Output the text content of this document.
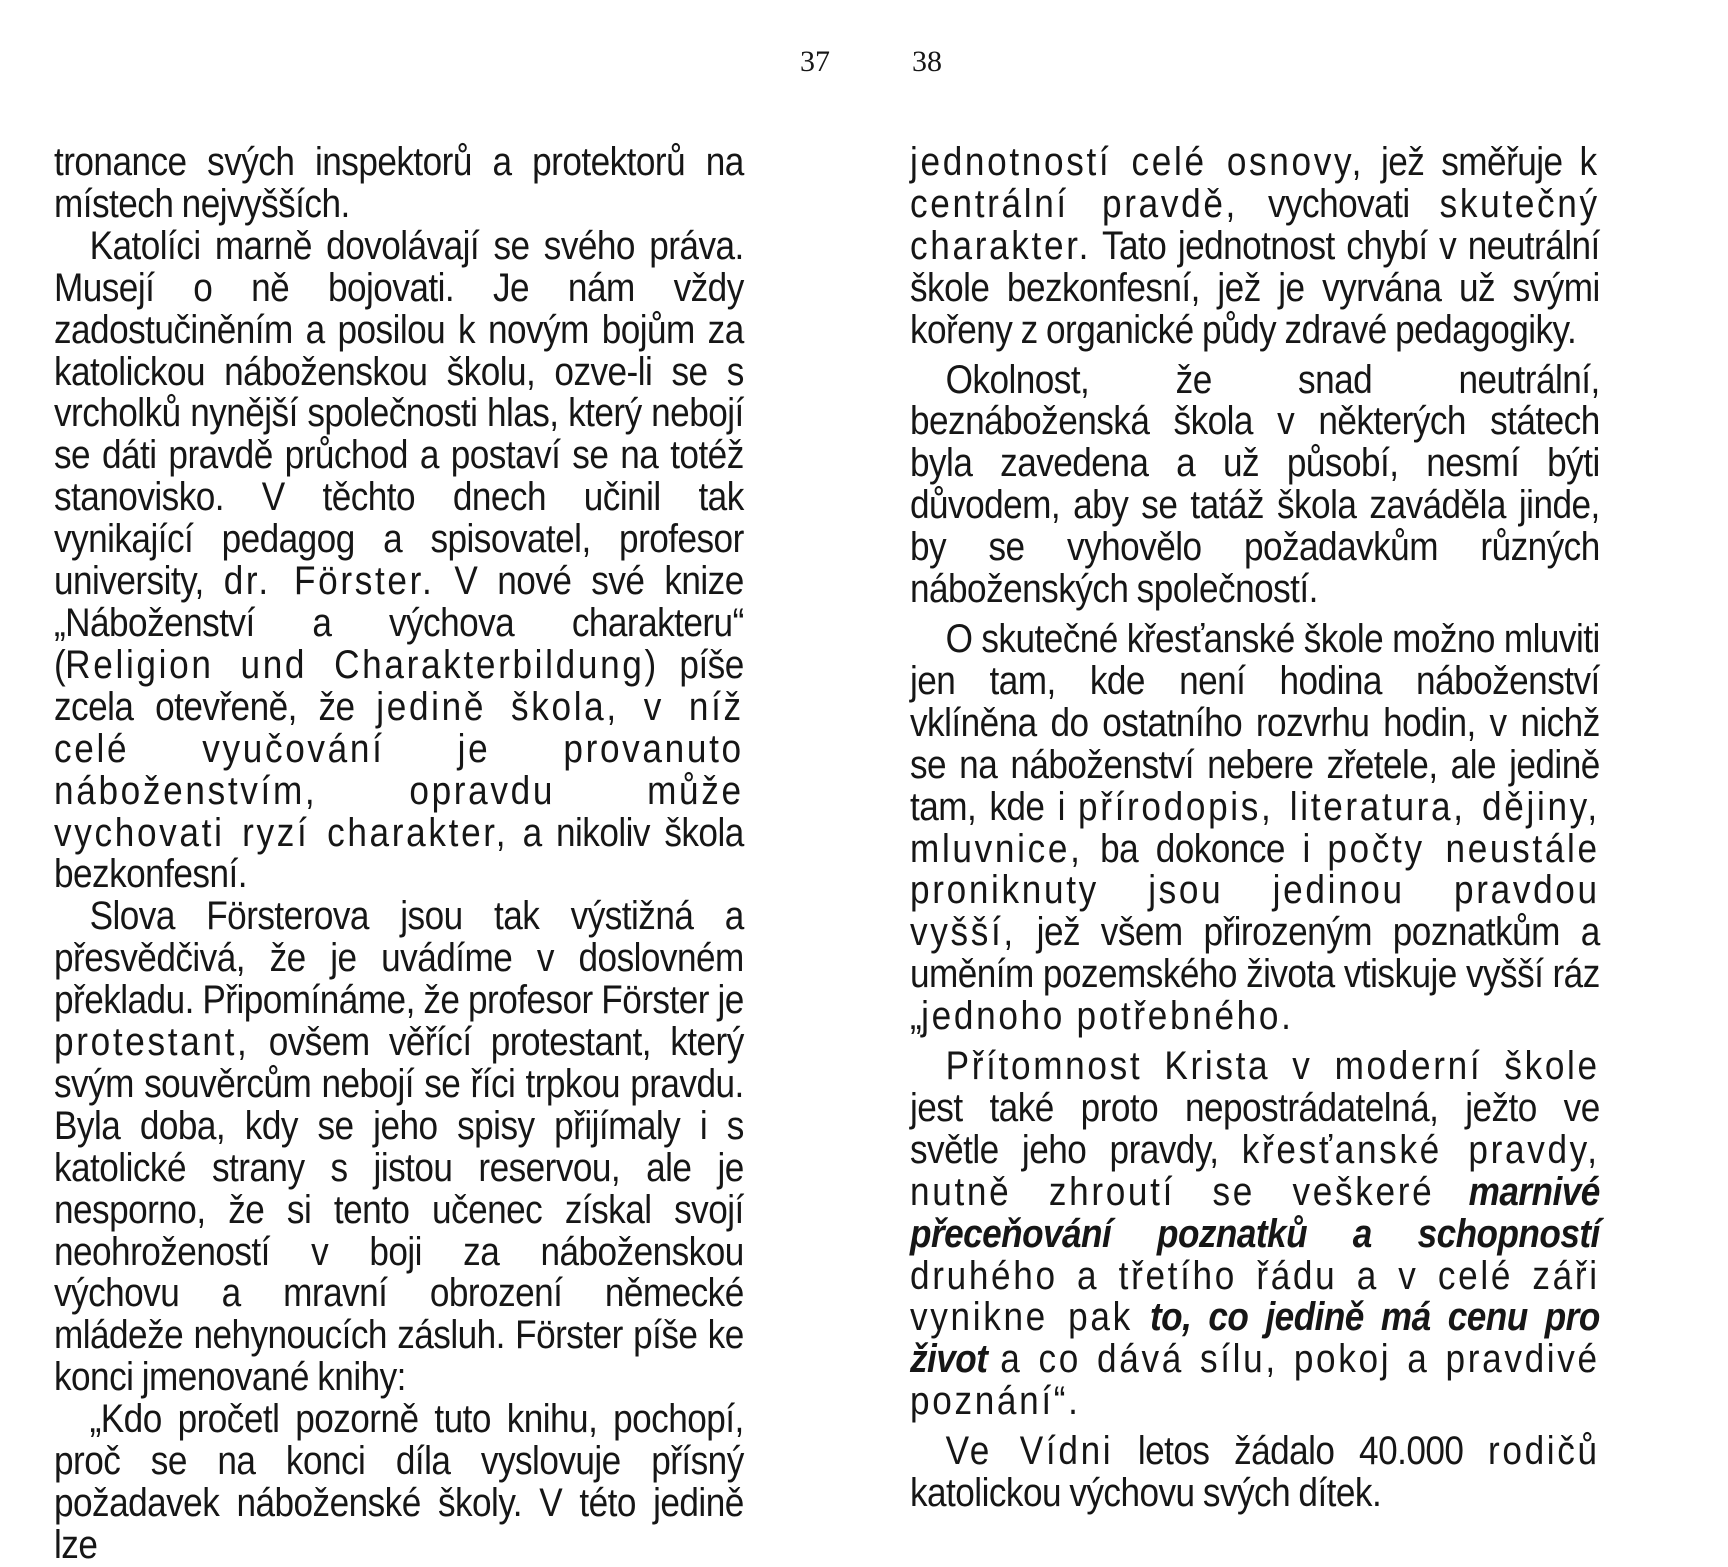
37	38

tronance svých inspektorů a protektorů na místech nejvyšších.

Katolíci marně dovolávají se svého práva. Musejí o ně bojovati. Je nám vždy zadostučiněním a posilou k novým bojům za katolickou náboženskou školu, ozve-li se s vrcholků nynější společnosti hlas, který nebojí se dáti pravdě průchod a postaví se na totéž stanovisko. V těchto dnech učinil tak vynikající pedagog a spisovatel, profesor university, dr. Förster. V nové své knize „Náboženství a výchova charakteru“ (Religion und Charakterbildung) píše zcela otevřeně, že jedině škola, v níž celé vyučování je provanuto náboženstvím, opravdu může vychovati ryzí charakter, a nikoliv škola bezkonfesní.

Slova Försterova jsou tak výstižná a přesvědčivá, že je uvádíme v doslovném překladu. Připomínáme, že profesor Förster je protestant, ovšem věřící protestant, který svým souvěrcům nebojí se říci trpkou pravdu. Byla doba, kdy se jeho spisy přijímaly i s katolické strany s jistou reservou, ale je nesporno, že si tento učenec získal svojí neohrožeností v boji za náboženskou výchovu a mravní obrození německé mládeže nehynoucích zásluh. Förster píše ke konci jmenované knihy:

„Kdo pročetl pozorně tuto knihu, pochopí, proč se na konci díla vyslovuje přísný požadavek náboženské školy. V této jedině lze

jednotností celé osnovy, jež směřuje k centrální pravdě, vychovati skutečný charakter. Tato jednotnost chybí v neutrální škole bezkonfesní, jež je vyrvána už svými kořeny z organické půdy zdravé pedagogiky.

Okolnost, že snad neutrální, beznáboženská škola v některých státech byla zavedena a už působí, nesmí býti důvodem, aby se tatáž škola zaváděla jinde, by se vyhovělo požadavkům různých náboženských společností.

O skutečné křesťanské škole možno mluviti jen tam, kde není hodina náboženství vklíněna do ostatního rozvrhu hodin, v nichž se na náboženství nebere zřetele, ale jedině tam, kde i přírodopis, literatura, dějiny, mluvnice, ba dokonce i počty neustále proniknuty jsou jedinou pravdou vyšší, jež všem přirozeným poznatkům a uměním pozemského života vtiskuje vyšší ráz „jednoho potřebného.

Přítomnost Krista v moderní škole jest také proto nepostrádatelná, ježto ve světle jeho pravdy, křesťanské pravdy, nutně zhroutí se veškeré marnivé přeceňování poznatků a schopností druhého a třetího řádu a v celé záři vynikne pak to, co jedině má cenu pro život a co dává sílu, pokoj a pravdivé poznání“.

Ve Vídni letos žádalo 40.000 rodičů katolickou výchovu svých dítek.
